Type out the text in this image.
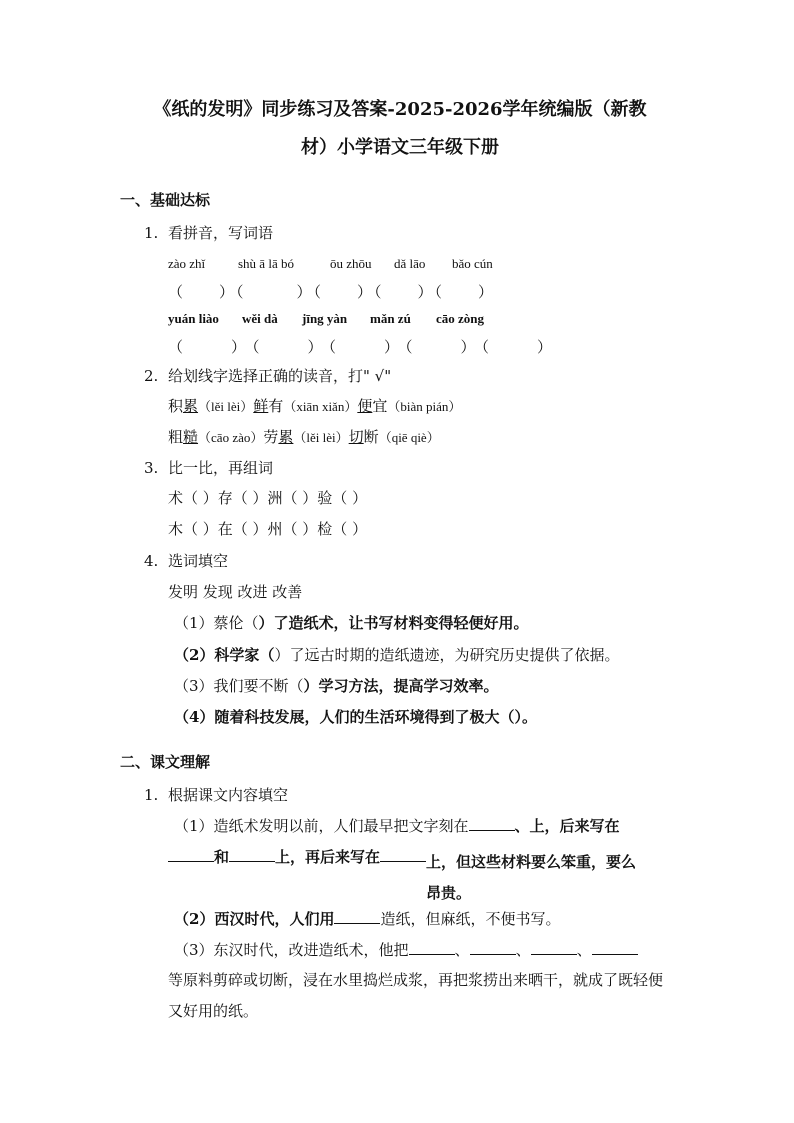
《纸的发明》同步练习及答案-2025-2026学年统编版（新教
材）小学语文三年级下册
一、基础达标
1. 看拼音，写词语
zào zhǐ	shù ā lā bó	ōu zhōu dǎ lāo bǎo cún
（　　）（　　　）（　　）（　　）（　　）
yuán liào wěi dà jīng yàn mǎn zú cāo zòng
（　　）（　　）（　　）（　　）（　　）
2. 给划线字选择正确的读音，打" √"
积累（lěi lèi）鲜有（xiān xiǎn）便宜（biàn pián）
粗糙（cāo zào）劳累（lěi lèi）切断（qiē qiè）
3. 比一比，再组词
术（ ）存（ ）洲（ ）验（ ）
木（ ）在（ ）州（ ）检（ ）
4. 选词填空
发明 发现 改进 改善
（1）蔡伦（）了造纸术，让书写材料变得轻便好用。
（2）科学家（）了远古时期的造纸遗迹，为研究历史提供了依据。
（3）我们要不断（）学习方法，提高学习效率。
（4）随着科技发展，人们的生活环境得到了极大（）。
二、课文理解
1. 根据课文内容填空
（1）造纸术发明以前，人们最早把文字刻在	、上，后来写在
和	上，再后来写在	上，但这些材料要么笨重，要么昂贵。
（2）西汉时代，人们用	造纸，但麻纸，不便书写。
（3）东汉时代，改进造纸术，他把	、	、	、
等原料剪碎或切断，浸在水里捣烂成浆，再把浆捞出来晒干，就成了既轻便又好用的纸。
